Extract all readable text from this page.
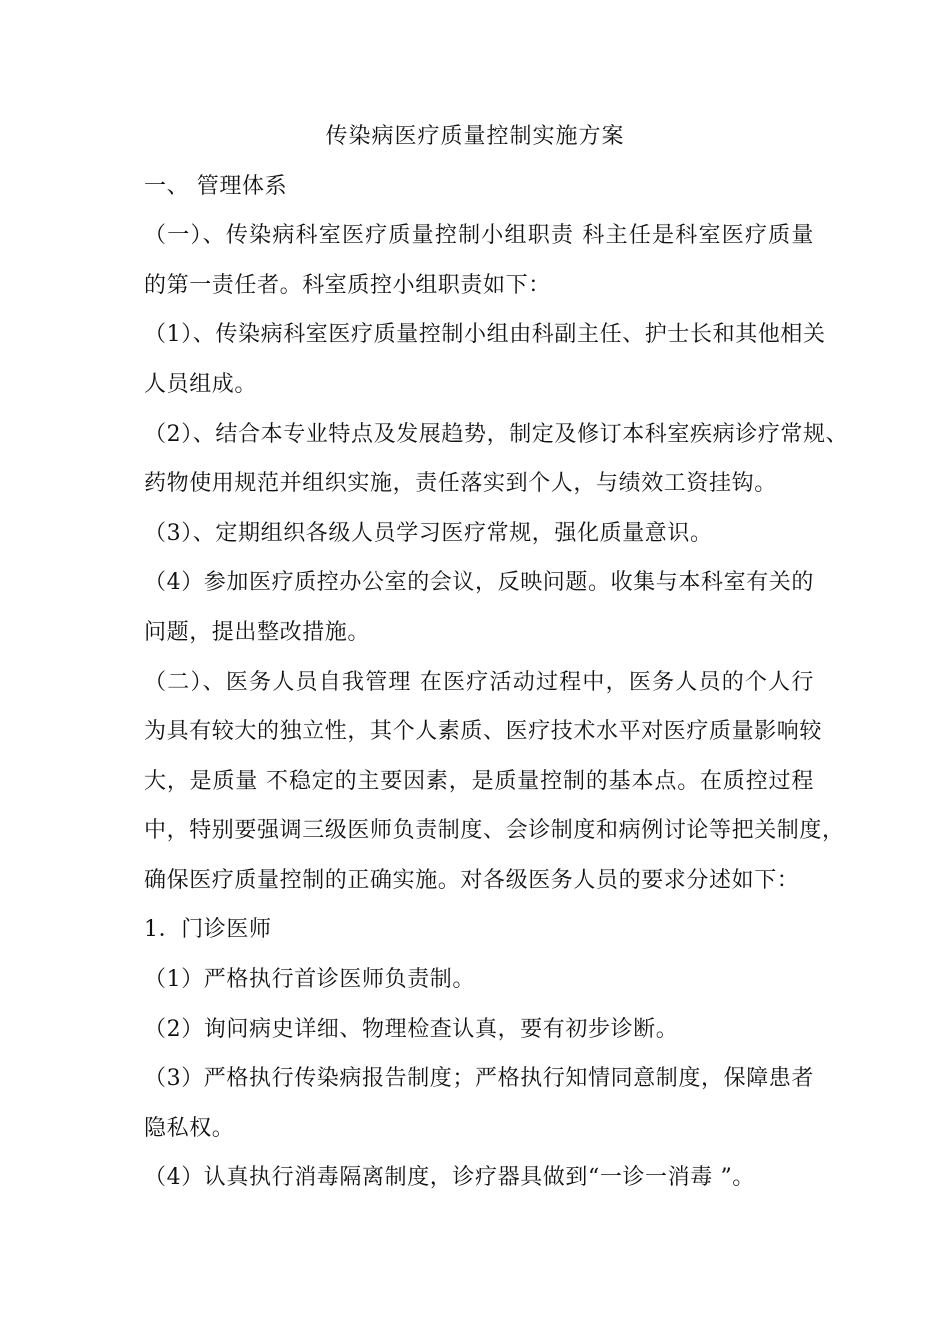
传染病医疗质量控制实施方案
一、 管理体系
（一）、传染病科室医疗质量控制小组职责 科主任是科室医疗质量
的第一责任者。科室质控小组职责如下：
（1）、传染病科室医疗质量控制小组由科副主任、护士长和其他相关
人员组成。
（2）、结合本专业特点及发展趋势，制定及修订本科室疾病诊疗常规、
药物使用规范并组织实施，责任落实到个人，与绩效工资挂钩。
（3）、定期组织各级人员学习医疗常规，强化质量意识。
（4）参加医疗质控办公室的会议，反映问题。收集与本科室有关的
问题，提出整改措施。
（二）、医务人员自我管理 在医疗活动过程中，医务人员的个人行
为具有较大的独立性，其个人素质、医疗技术水平对医疗质量影响较
大，是质量 不稳定的主要因素，是质量控制的基本点。在质控过程
中，特别要强调三级医师负责制度、会诊制度和病例讨论等把关制度，
确保医疗质量控制的正确实施。对各级医务人员的要求分述如下：
1．门诊医师
（1）严格执行首诊医师负责制。
（2）询问病史详细、物理检查认真，要有初步诊断。
（3）严格执行传染病报告制度；严格执行知情同意制度，保障患者
隐私权。
（4）认真执行消毒隔离制度，诊疗器具做到“一诊一消毒 ”。
